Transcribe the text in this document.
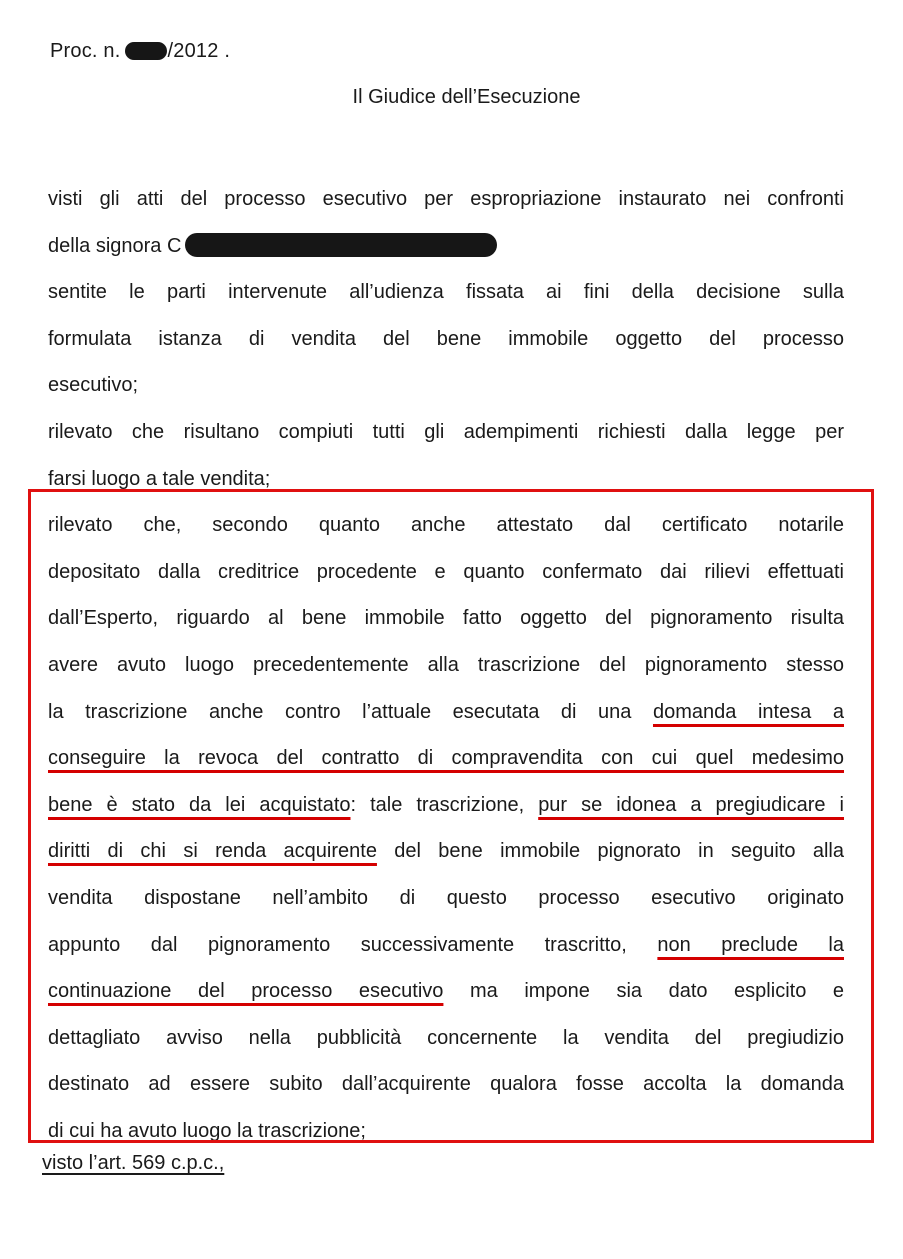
Proc. n. /2012 .
Il Giudice dell’Esecuzione
visti gli atti del processo esecutivo per espropriazione instaurato nei confronti
della signora C
sentite le parti intervenute all’udienza fissata ai fini della decisione sulla
formulata istanza di vendita del bene immobile oggetto del processo
esecutivo;
rilevato che risultano compiuti tutti gli adempimenti richiesti dalla legge per
farsi luogo a tale vendita;
rilevato che, secondo quanto anche attestato dal certificato notarile
depositato dalla creditrice procedente e quanto confermato dai rilievi effettuati
dall’Esperto, riguardo al bene immobile fatto oggetto del pignoramento risulta
avere avuto luogo precedentemente alla trascrizione del pignoramento stesso
la trascrizione anche contro l’attuale esecutata di una domanda intesa a
conseguire la revoca del contratto di compravendita con cui quel medesimo
bene è stato da lei acquistato: tale trascrizione, pur se idonea a pregiudicare i
diritti di chi si renda acquirente del bene immobile pignorato in seguito alla
vendita dispostane nell’ambito di questo processo esecutivo originato
appunto dal pignoramento successivamente trascritto, non preclude la
continuazione del processo esecutivo ma impone sia dato esplicito e
dettagliato avviso nella pubblicità concernente la vendita del pregiudizio
destinato ad essere subito dall’acquirente qualora fosse accolta la domanda
di cui ha avuto luogo la trascrizione;
visto l’art. 569 c.p.c.,
